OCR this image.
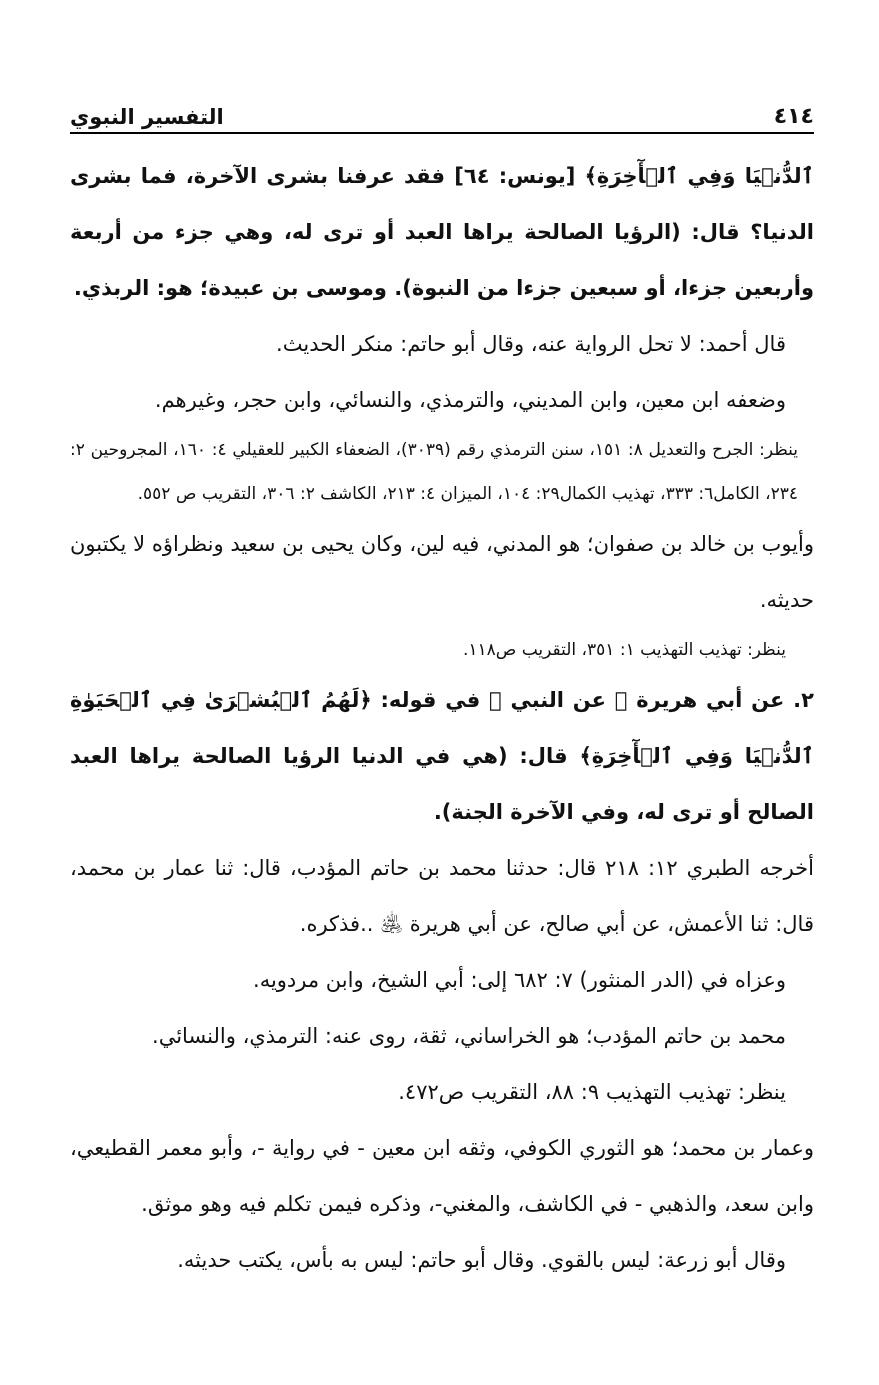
التفسير النبوي	٤١٤

ٱلدُّنۡيَا وَفِي ٱلۡأٓخِرَةِ﴾ [يونس: ٦٤] فقد عرفنا بشرى الآخرة، فما بشرى الدنيا؟ قال: (الرؤيا الصالحة يراها العبد أو ترى له، وهي جزء من أربعة وأربعين جزءا، أو سبعين جزءا من النبوة). وموسى بن عبيدة؛ هو: الربذي.

قال أحمد: لا تحل الرواية عنه، وقال أبو حاتم: منكر الحديث.

وضعفه ابن معين، وابن المديني، والترمذي، والنسائي، وابن حجر، وغيرهم.

ينظر: الجرح والتعديل ٨: ١٥١، سنن الترمذي رقم (٣٠٣٩)، الضعفاء الكبير للعقيلي ٤: ١٦٠، المجروحين ٢: ٢٣٤، الكامل٦: ٣٣٣، تهذيب الكمال٢٩: ١٠٤، الميزان ٤: ٢١٣، الكاشف ٢: ٣٠٦، التقريب ص ٥٥٢.

وأيوب بن خالد بن صفوان؛ هو المدني، فيه لين، وكان يحيى بن سعيد ونظراؤه لا يكتبون حديثه.

ينظر: تهذيب التهذيب ١: ٣٥١، التقريب ص١١٨.

٢. عن أبي هريرة ﵁ عن النبي ﷺ في قوله: ﴿لَهُمُ ٱلۡبُشۡرَىٰ فِي ٱلۡحَيَوٰةِ ٱلدُّنۡيَا وَفِي ٱلۡأٓخِرَةِ﴾ قال: (هي في الدنيا الرؤيا الصالحة يراها العبد الصالح أو ترى له، وفي الآخرة الجنة).

أخرجه الطبري ١٢: ٢١٨ قال: حدثنا محمد بن حاتم المؤدب، قال: ثنا عمار بن محمد، قال: ثنا الأعمش، عن أبي صالح، عن أبي هريرة ﵁ ..فذكره.

وعزاه في (الدر المنثور) ٧: ٦٨٢ إلى: أبي الشيخ، وابن مردويه.

محمد بن حاتم المؤدب؛ هو الخراساني، ثقة، روى عنه: الترمذي، والنسائي.

ينظر: تهذيب التهذيب ٩: ٨٨، التقريب ص٤٧٢.

وعمار بن محمد؛ هو الثوري الكوفي، وثقه ابن معين - في رواية -، وأبو معمر القطيعي، وابن سعد، والذهبي - في الكاشف، والمغني-، وذكره فيمن تكلم فيه وهو موثق.

وقال أبو زرعة: ليس بالقوي. وقال أبو حاتم: ليس به بأس، يكتب حديثه.
